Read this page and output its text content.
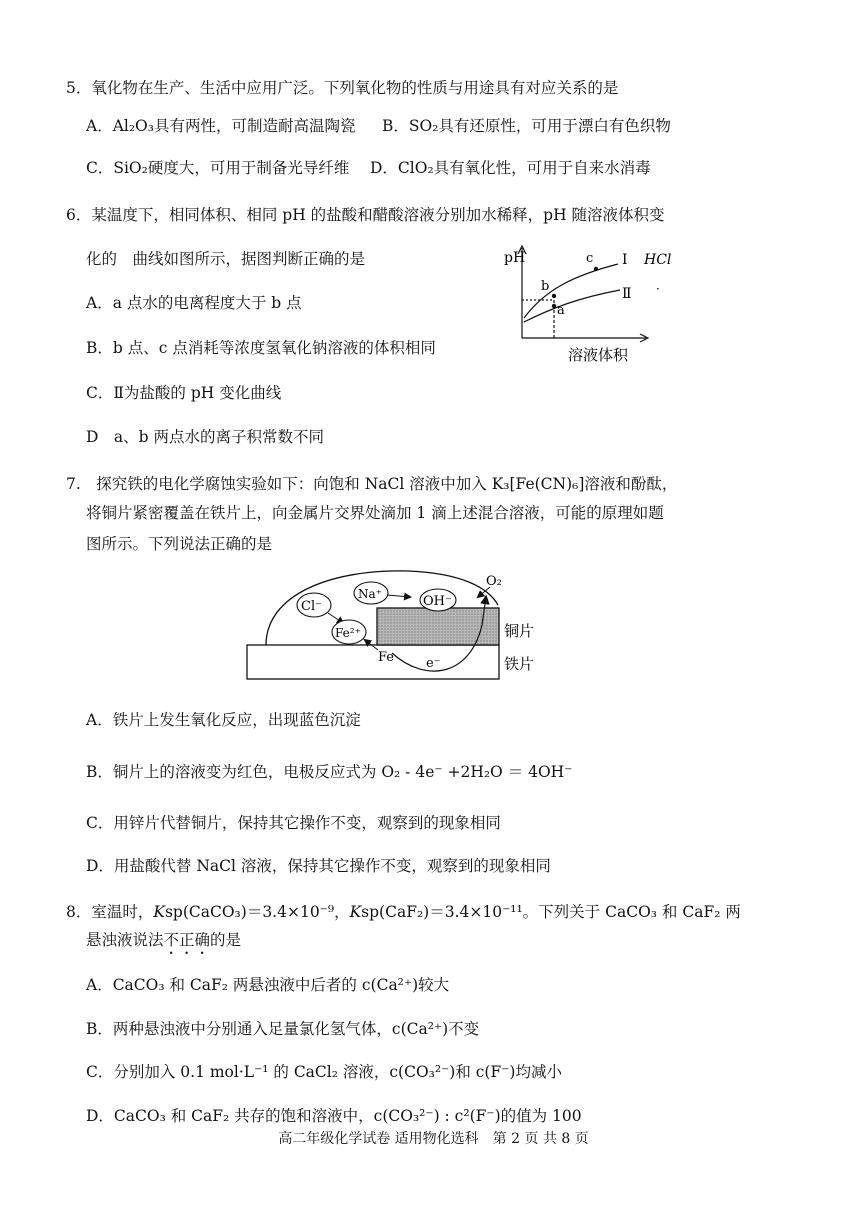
5．氧化物在生产、生活中应用广泛。下列氧化物的性质与用途具有对应关系的是
A．Al₂O₃具有两性，可制造耐高温陶瓷 B．SO₂具有还原性，可用于漂白有色织物
C．SiO₂硬度大，可用于制备光导纤维 D．ClO₂具有氧化性，可用于自来水消毒
6．某温度下，相同体积、相同 pH 的盐酸和醋酸溶液分别加水稀释，pH 随溶液体积变
化的　曲线如图所示，据图判断正确的是
A．a 点水的电离程度大于 b 点
B．b 点、c 点消耗等浓度氢氧化钠溶液的体积相同
C．Ⅱ为盐酸的 pH 变化曲线
D　a、b 两点水的离子积常数不同
pH
b
a
c Ⅰ
Ⅱ
HCl
溶液体积
·
7.　探究铁的电化学腐蚀实验如下：向饱和 NaCl 溶液中加入 K₃[Fe(CN)₆]溶液和酚酞，
将铜片紧密覆盖在铁片上，向金属片交界处滴加 1 滴上述混合溶液，可能的原理如题
图所示。下列说法正确的是
Cl⁻
Na⁺	OH⁻
Fe²⁺
Fe e⁻
O₂
铜片
铁片
A．铁片上发生氧化反应，出现蓝色沉淀
B．铜片上的溶液变为红色，电极反应式为 O₂ - 4e⁻ +2H₂O ＝ 4OH⁻
C．用锌片代替铜片，保持其它操作不变，观察到的现象相同
D．用盐酸代替 NaCl 溶液，保持其它操作不变，观察到的现象相同
8．室温时，Ksp(CaCO₃)＝3.4×10⁻⁹，Ksp(CaF₂)＝3.4×10⁻¹¹。下列关于 CaCO₃ 和 CaF₂ 两
悬浊液说法不正确的是
A．CaCO₃ 和 CaF₂ 两悬浊液中后者的 c(Ca²⁺)较大
B．两种悬浊液中分别通入足量氯化氢气体，c(Ca²⁺)不变
C．分别加入 0.1 mol·L⁻¹ 的 CaCl₂ 溶液，c(CO₃²⁻)和 c(F⁻)均减小
D．CaCO₃ 和 CaF₂ 共存的饱和溶液中，c(CO₃²⁻) : c²(F⁻)的值为 100
高二年级化学试卷 适用物化选科　第 2 页 共 8 页
